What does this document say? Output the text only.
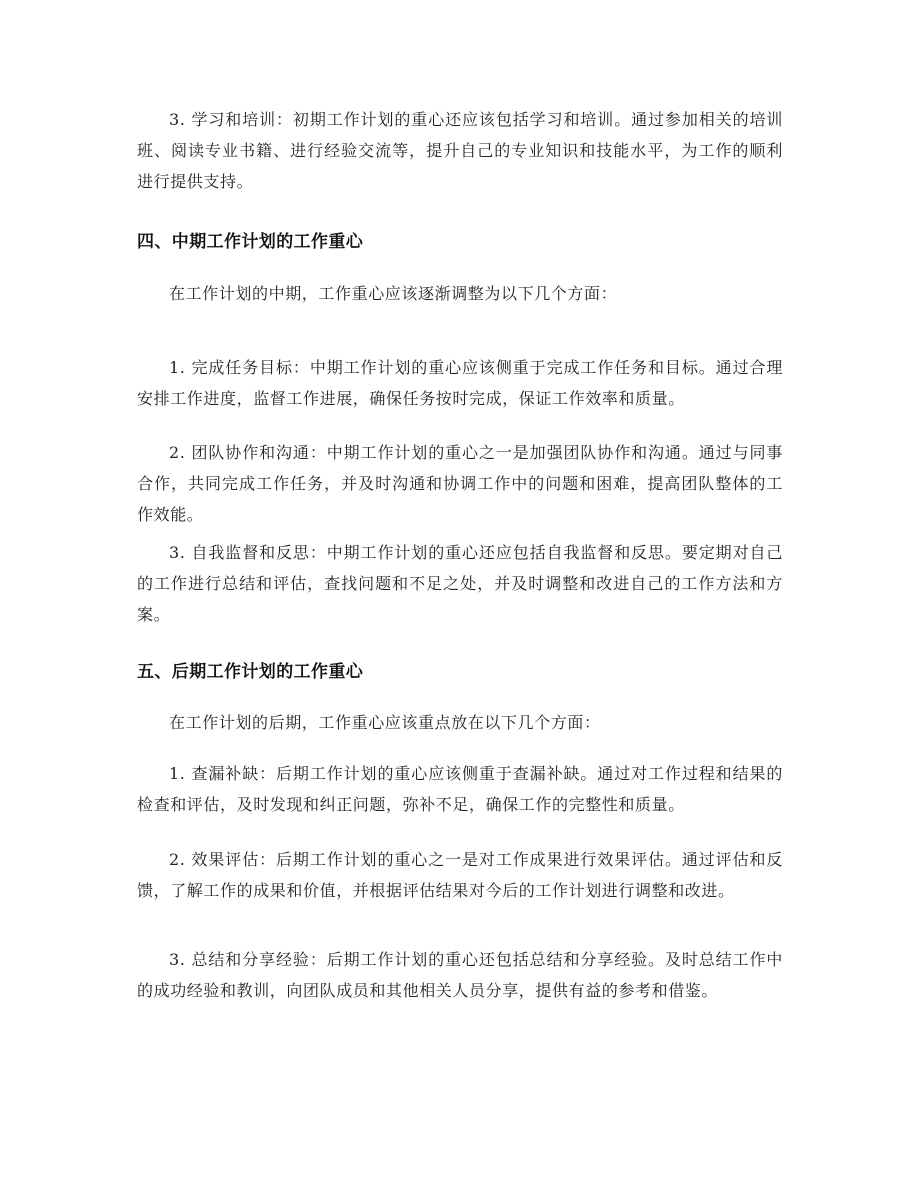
3. 学习和培训：初期工作计划的重心还应该包括学习和培训。通过参加相关的培训班、阅读专业书籍、进行经验交流等，提升自己的专业知识和技能水平，为工作的顺利进行提供支持。

四、中期工作计划的工作重心

在工作计划的中期，工作重心应该逐渐调整为以下几个方面：

1. 完成任务目标：中期工作计划的重心应该侧重于完成工作任务和目标。通过合理安排工作进度，监督工作进展，确保任务按时完成，保证工作效率和质量。

2. 团队协作和沟通：中期工作计划的重心之一是加强团队协作和沟通。通过与同事合作，共同完成工作任务，并及时沟通和协调工作中的问题和困难，提高团队整体的工作效能。

3. 自我监督和反思：中期工作计划的重心还应包括自我监督和反思。要定期对自己的工作进行总结和评估，查找问题和不足之处，并及时调整和改进自己的工作方法和方案。

五、后期工作计划的工作重心

在工作计划的后期，工作重心应该重点放在以下几个方面：

1. 查漏补缺：后期工作计划的重心应该侧重于查漏补缺。通过对工作过程和结果的检查和评估，及时发现和纠正问题，弥补不足，确保工作的完整性和质量。

2. 效果评估：后期工作计划的重心之一是对工作成果进行效果评估。通过评估和反馈，了解工作的成果和价值，并根据评估结果对今后的工作计划进行调整和改进。

3. 总结和分享经验：后期工作计划的重心还包括总结和分享经验。及时总结工作中的成功经验和教训，向团队成员和其他相关人员分享，提供有益的参考和借鉴。
